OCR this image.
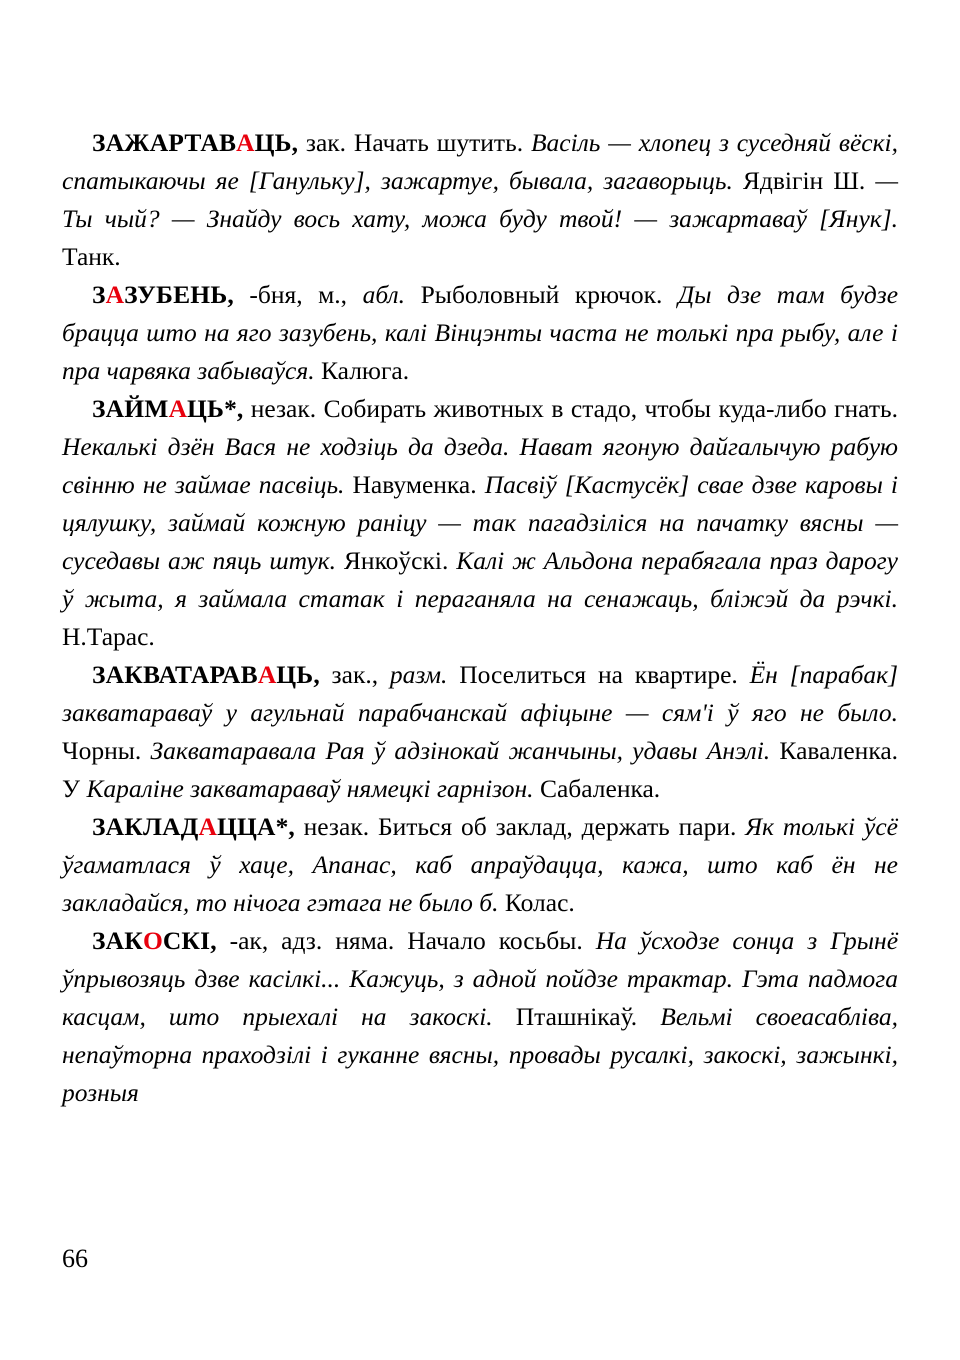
ЗАЖАРТАВАЦЬ, зак. Начать шутить. Васіль — хлопец з суседняй вёскі, спатыкаючы яе [Ганульку], зажартуе, бывала, загаворыць. Ядвігін Ш. — Ты чый? — Знайду вось хату, можа буду твой! — зажартаваў [Янук]. Танк.

ЗАЗУБЕНЬ, -бня, м., абл. Рыболовный крючок. Ды дзе там будзе брацца што на яго зазубень, калі Вінцэнты часта не толькі пра рыбу, але і пра чарвяка забываўся. Калюга.

ЗАЙМАЦЬ*, незак. Собирать животных в стадо, чтобы куда-либо гнать. Некалькі дзён Вася не ходзіць да дзеда. Нават ягоную дайгалычую рабую свінню не займае пасвіць. Навуменка. Пасвіў [Кастусёк] свае дзве каровы і цялушку, займай кожную раніцу — так пагадзіліся на пачатку вясны — суседавы аж пяць штук. Янкоўскі. Калі ж Альдона перабягала праз дарогу ў жыта, я займала статак і пераганяла на сенажаць, бліжэй да рэчкі. Н.Тарас.

ЗАКВАТАРАВАЦЬ, зак., разм. Поселиться на квартире. Ён [парабак] закватараваў у агульнай парабчанскай афіцыне — сям'і ў яго не было. Чорны. Закватаравала Рая ў адзінокай жанчыны, удавы Анэлі. Каваленка. У Караліне закватараваў нямецкі гарнізон. Сабаленка.

ЗАКЛАДАЦЦА*, незак. Биться об заклад, держать пари. Як толькі ўсё ўгаматлася ў хаце, Апанас, каб апраўдацца, кажа, што каб ён не закладайся, то нічога гэтага не было б. Колас.

ЗАКОСКІ, -ак, адз. няма. Начало косьбы. На ўсходзе сонца з Грынё ўпрывозяць дзве касілкі... Кажуць, з адной пойдзе трактар. Гэта падмога касцам, што прыехалі на закоскі. Пташнікаў. Вельмі своеасабліва, непаўторна праходзілі і гуканне вясны, провады русалкі, закоскі, зажынкі, розныя

66
